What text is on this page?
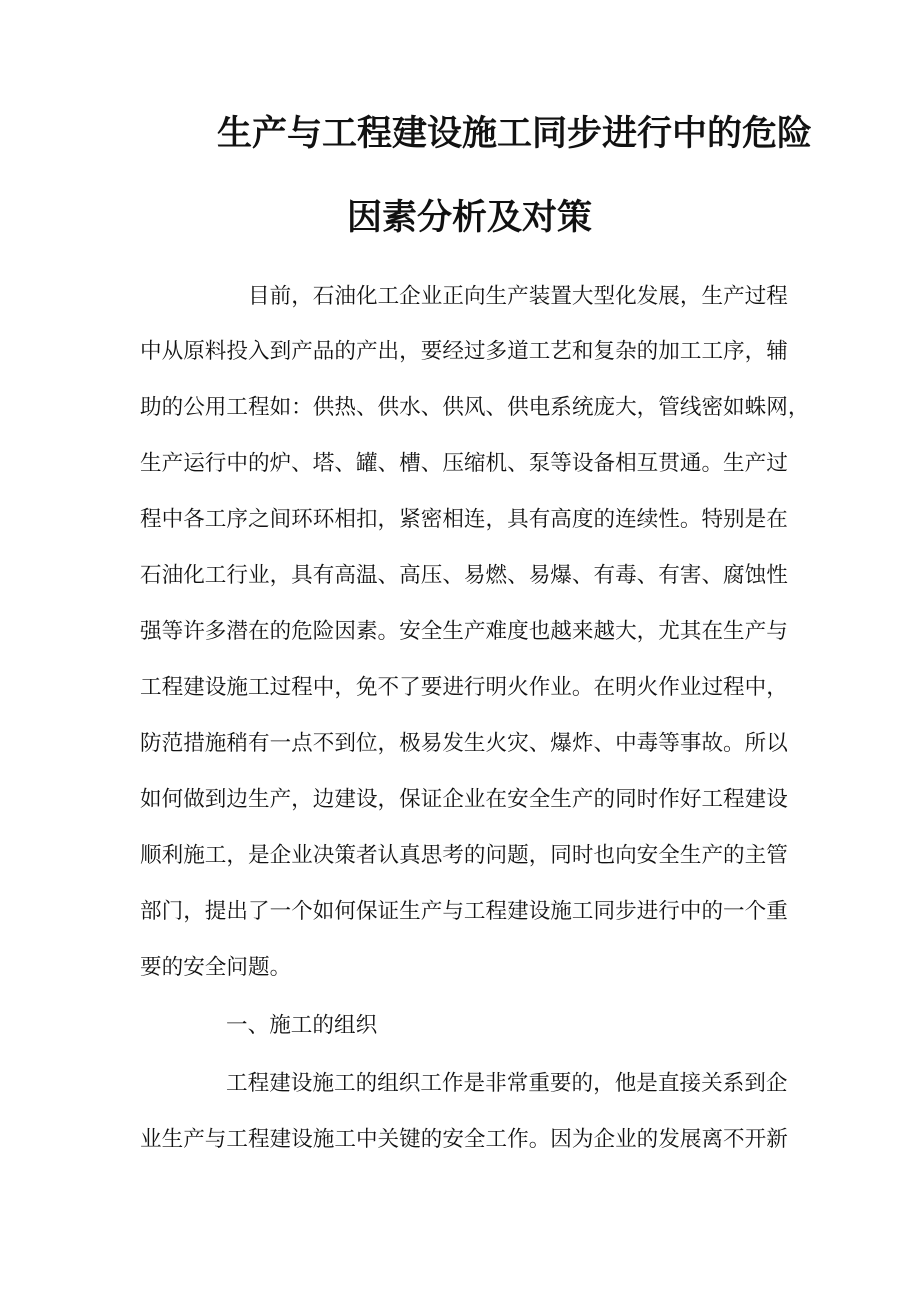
生产与工程建设施工同步进行中的危险
因素分析及对策
目前，石油化工企业正向生产装置大型化发展，生产过程
中从原料投入到产品的产出，要经过多道工艺和复杂的加工工序，辅
助的公用工程如：供热、供水、供风、供电系统庞大，管线密如蛛网，
生产运行中的炉、塔、罐、槽、压缩机、泵等设备相互贯通。生产过
程中各工序之间环环相扣，紧密相连，具有高度的连续性。特别是在
石油化工行业，具有高温、高压、易燃、易爆、有毒、有害、腐蚀性
强等许多潜在的危险因素。安全生产难度也越来越大，尤其在生产与
工程建设施工过程中，免不了要进行明火作业。在明火作业过程中，
防范措施稍有一点不到位，极易发生火灾、爆炸、中毒等事故。所以
如何做到边生产，边建设，保证企业在安全生产的同时作好工程建设
顺利施工，是企业决策者认真思考的问题，同时也向安全生产的主管
部门，提出了一个如何保证生产与工程建设施工同步进行中的一个重
要的安全问题。
一、施工的组织
工程建设施工的组织工作是非常重要的，他是直接关系到企
业生产与工程建设施工中关键的安全工作。因为企业的发展离不开新
